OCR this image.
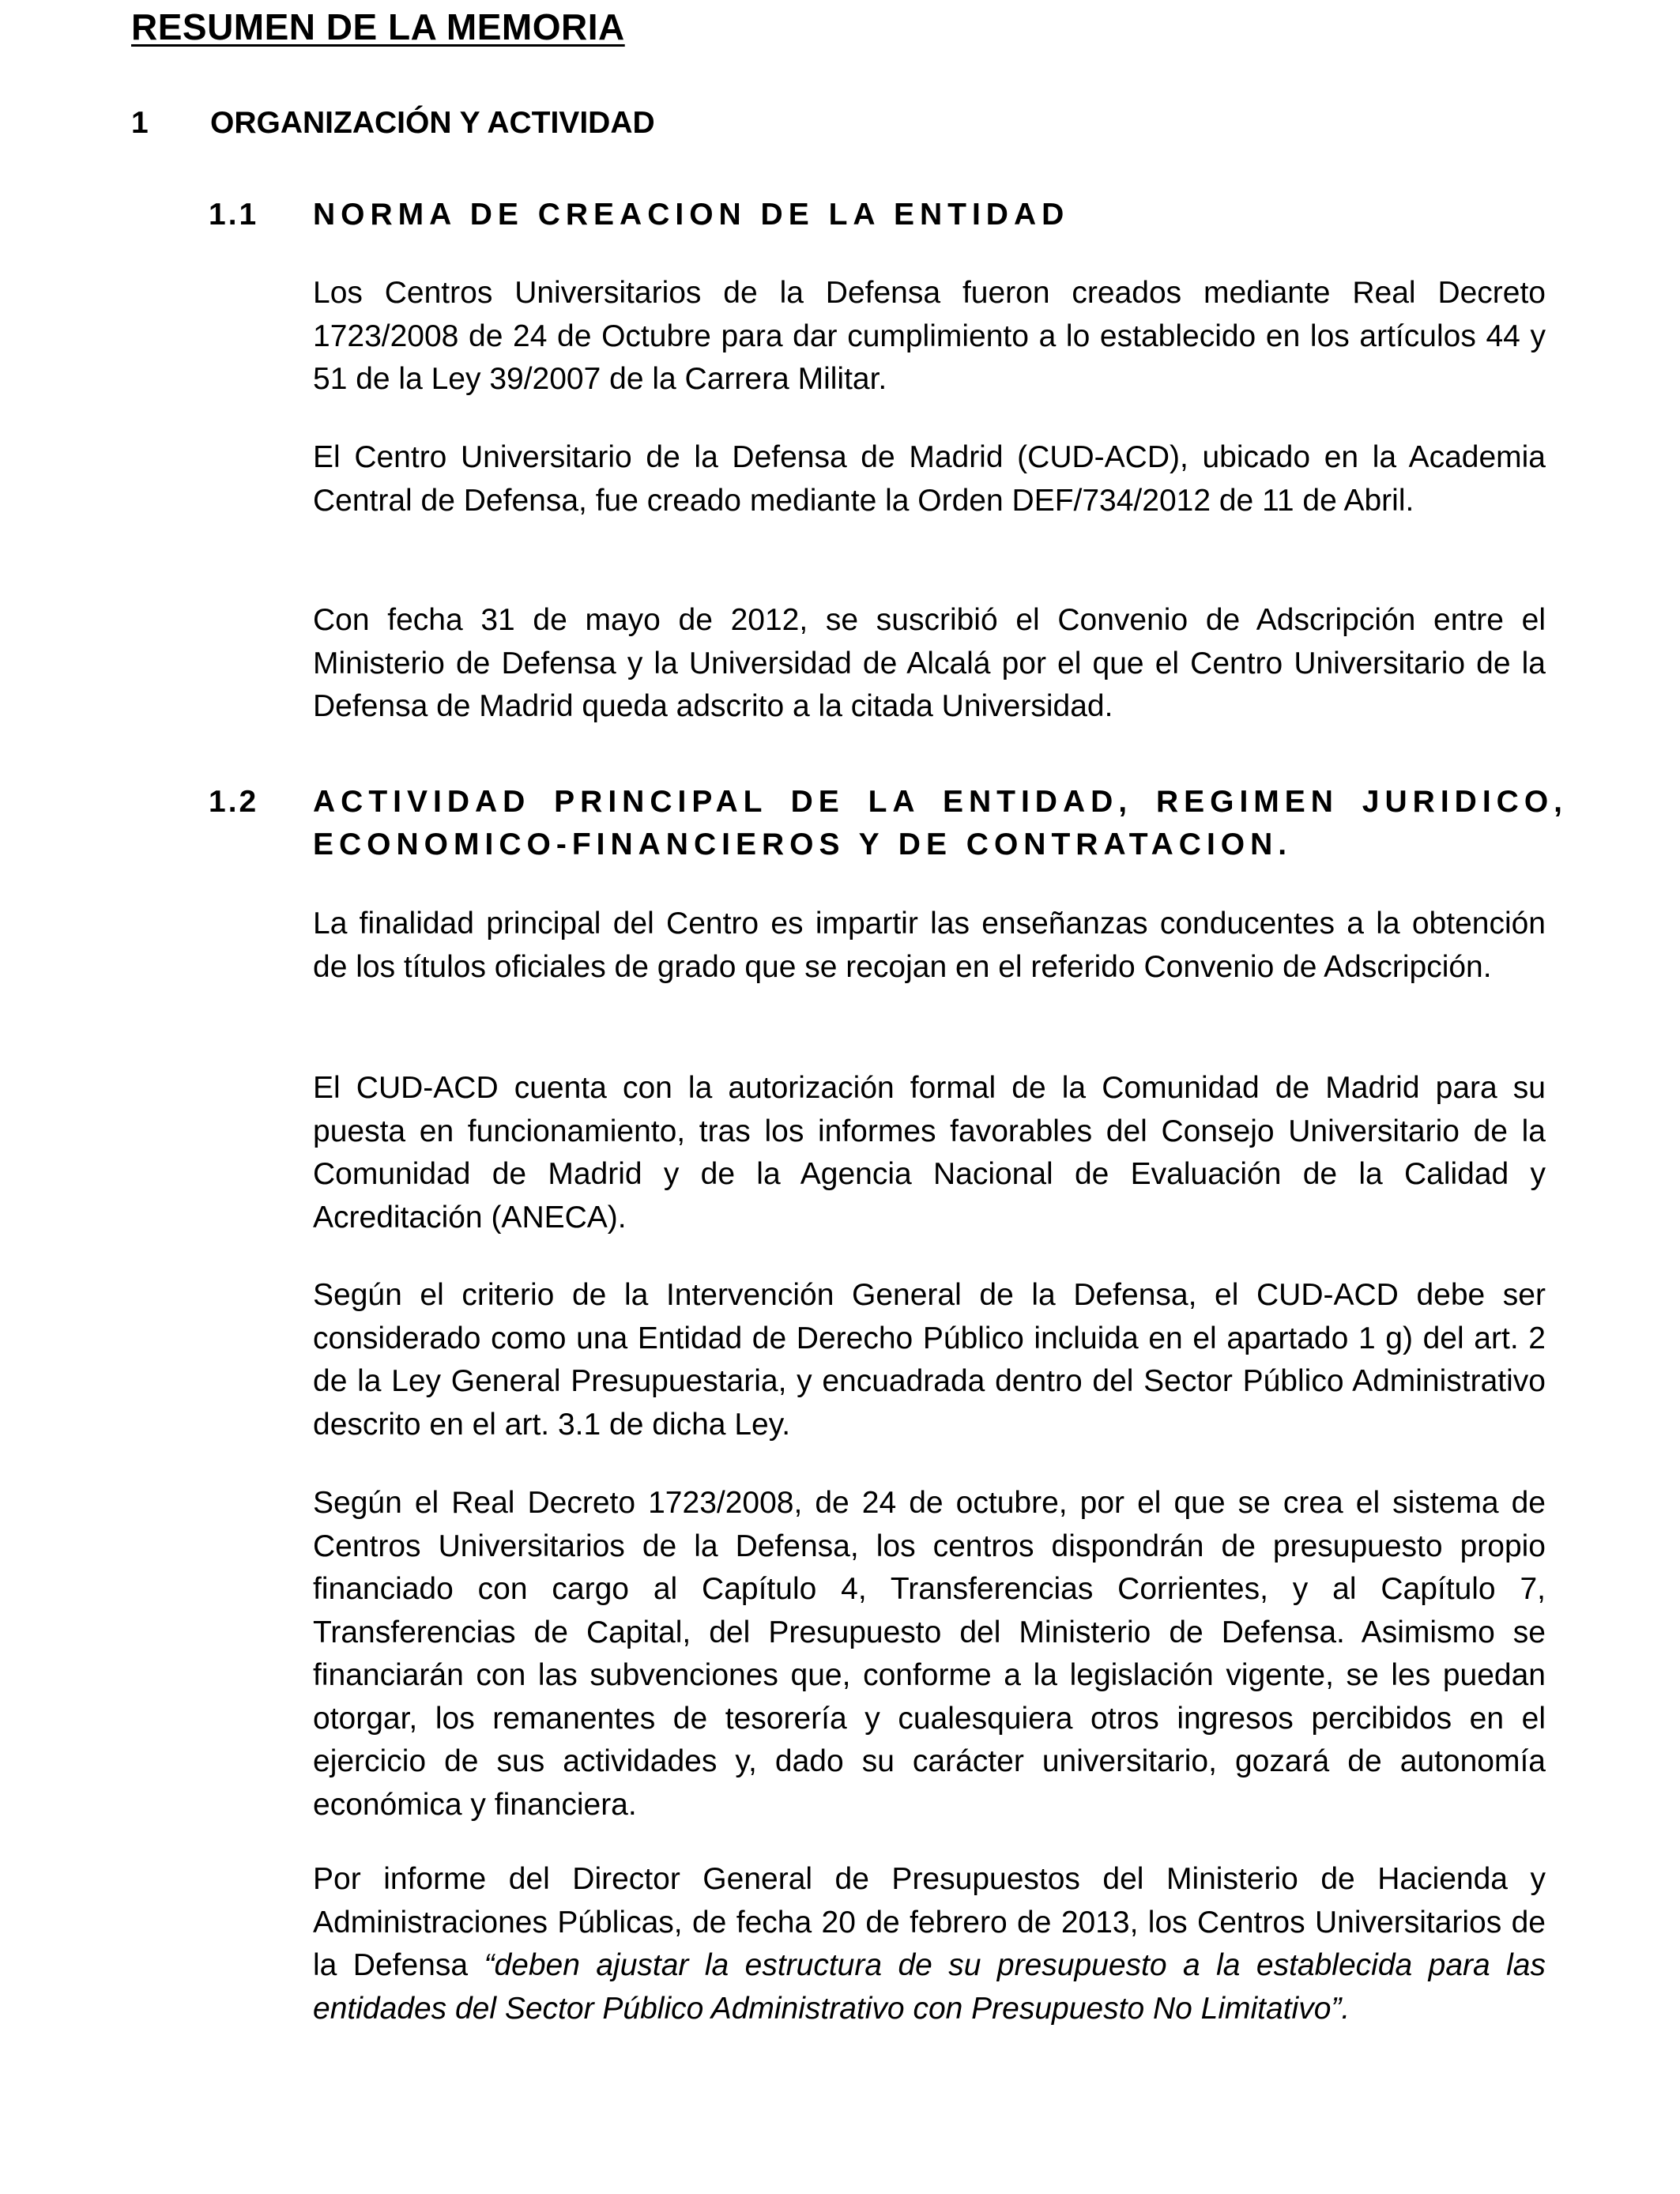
RESUMEN DE LA MEMORIA
1 ORGANIZACIÓN Y ACTIVIDAD
1.1 NORMA DE CREACION DE LA ENTIDAD

Los Centros Universitarios de la Defensa fueron creados mediante Real Decreto 1723/2008 de 24 de Octubre para dar cumplimiento a lo establecido en los artículos 44 y 51 de la Ley 39/2007 de la Carrera Militar.

El Centro Universitario de la Defensa de Madrid (CUD-ACD), ubicado en la Academia Central de Defensa, fue creado mediante la Orden DEF/734/2012 de 11 de Abril.

Con fecha 31 de mayo de 2012, se suscribió el Convenio de Adscripción entre el Ministerio de Defensa y la Universidad de Alcalá por el que el Centro Universitario de la Defensa de Madrid queda adscrito a la citada Universidad.

1.2 ACTIVIDAD PRINCIPAL DE LA ENTIDAD, REGIMEN JURIDICO,
ECONOMICO-FINANCIEROS Y DE CONTRATACION.

La finalidad principal del Centro es impartir las enseñanzas conducentes a la obtención de los títulos oficiales de grado que se recojan en el referido Convenio de Adscripción.

El CUD-ACD cuenta con la autorización formal de la Comunidad de Madrid para su puesta en funcionamiento, tras los informes favorables del Consejo Universitario de la Comunidad de Madrid y de la Agencia Nacional de Evaluación de la Calidad y Acreditación (ANECA).

Según el criterio de la Intervención General de la Defensa, el CUD-ACD debe ser considerado como una Entidad de Derecho Público incluida en el apartado 1 g) del art. 2 de la Ley General Presupuestaria, y encuadrada dentro del Sector Público Administrativo descrito en el art. 3.1 de dicha Ley.

Según el Real Decreto 1723/2008, de 24 de octubre, por el que se crea el sistema de Centros Universitarios de la Defensa, los centros dispondrán de presupuesto propio financiado con cargo al Capítulo 4, Transferencias Corrientes, y al Capítulo 7, Transferencias de Capital, del Presupuesto del Ministerio de Defensa. Asimismo se financiarán con las subvenciones que, conforme a la legislación vigente, se les puedan otorgar, los remanentes de tesorería y cualesquiera otros ingresos percibidos en el ejercicio de sus actividades y, dado su carácter universitario, gozará de autonomía económica y financiera.

Por informe del Director General de Presupuestos del Ministerio de Hacienda y Administraciones Públicas, de fecha 20 de febrero de 2013, los Centros Universitarios de la Defensa “deben ajustar la estructura de su presupuesto a la establecida para las entidades del Sector Público Administrativo con Presupuesto No Limitativo”.
